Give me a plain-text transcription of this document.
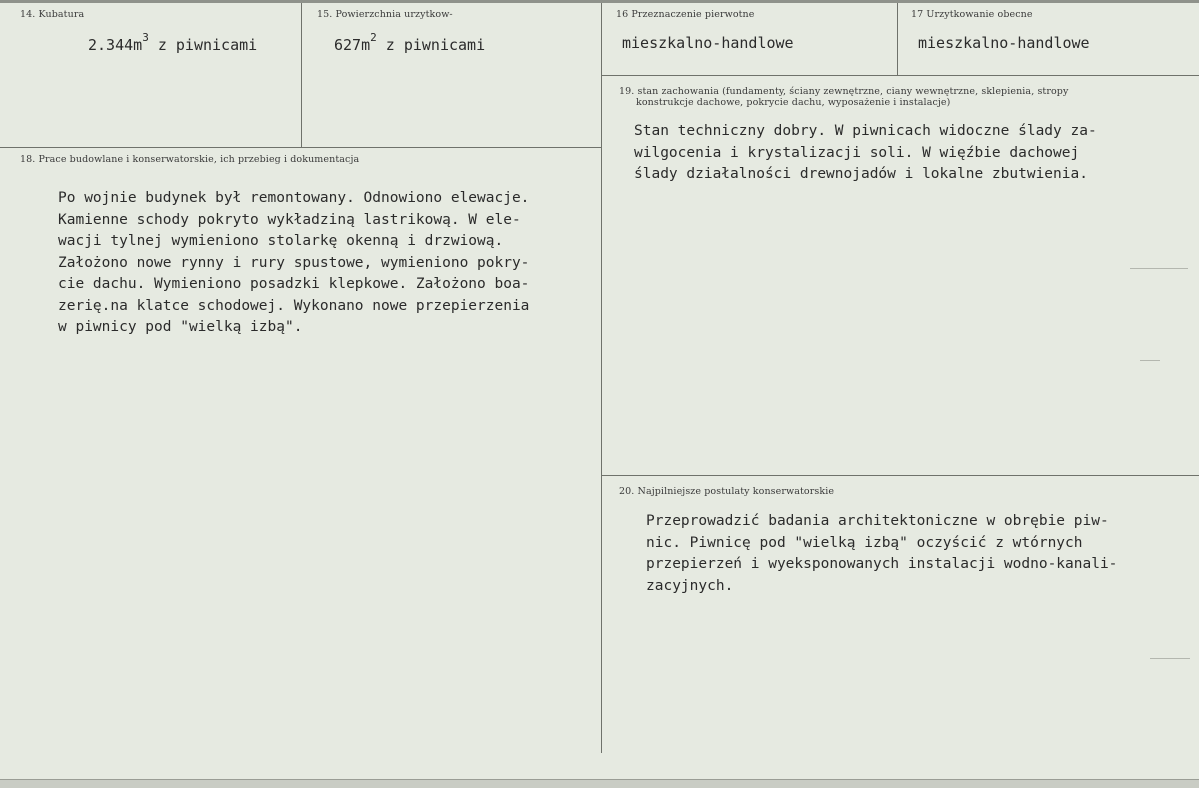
14. Kubatura
$2.344m^3$ z piwnicami
15. Powierzchnia urzytkow-
$627m^2$ z piwnicami
16 Przeznaczenie pierwotne
mieszkalno-handlowe
17 Urzytkowanie obecne
mieszkalno-handlowe
18. Prace budowlane i konserwatorskie, ich przebieg i dokumentacja
Po wojnie budynek był remontowany. Odnowiono elewacje.
Kamienne schody pokryto wykładziną lastrikową. W ele-
wacji tylnej wymieniono stolarkę okenną i drzwiową.
Założono nowe rynny i rury spustowe, wymieniono pokry-
cie dachu. Wymieniono posadzki klepkowe. Założono boa-
zerię.na klatce schodowej. Wykonano nowe przepierzenia
w piwnicy pod "wielką izbą".
19. stan zachowania (fundamenty, ściany zewnętrzne, ciany wewnętrzne, sklepienia, stropy
konstrukcje dachowe, pokrycie dachu, wyposażenie i instalacje)
Stan techniczny dobry. W piwnicach widoczne ślady za-
wilgocenia i krystalizacji soli. W więźbie dachowej
ślady działalności drewnojadów i lokalne zbutwienia.
20. Najpilniejsze postulaty konserwatorskie
Przeprowadzić badania architektoniczne w obrębie piw-
nic. Piwnicę pod "wielką izbą" oczyścić z wtórnych
przepierzeń i wyeksponowanych instalacji wodno-kanali-
zacyjnych.
